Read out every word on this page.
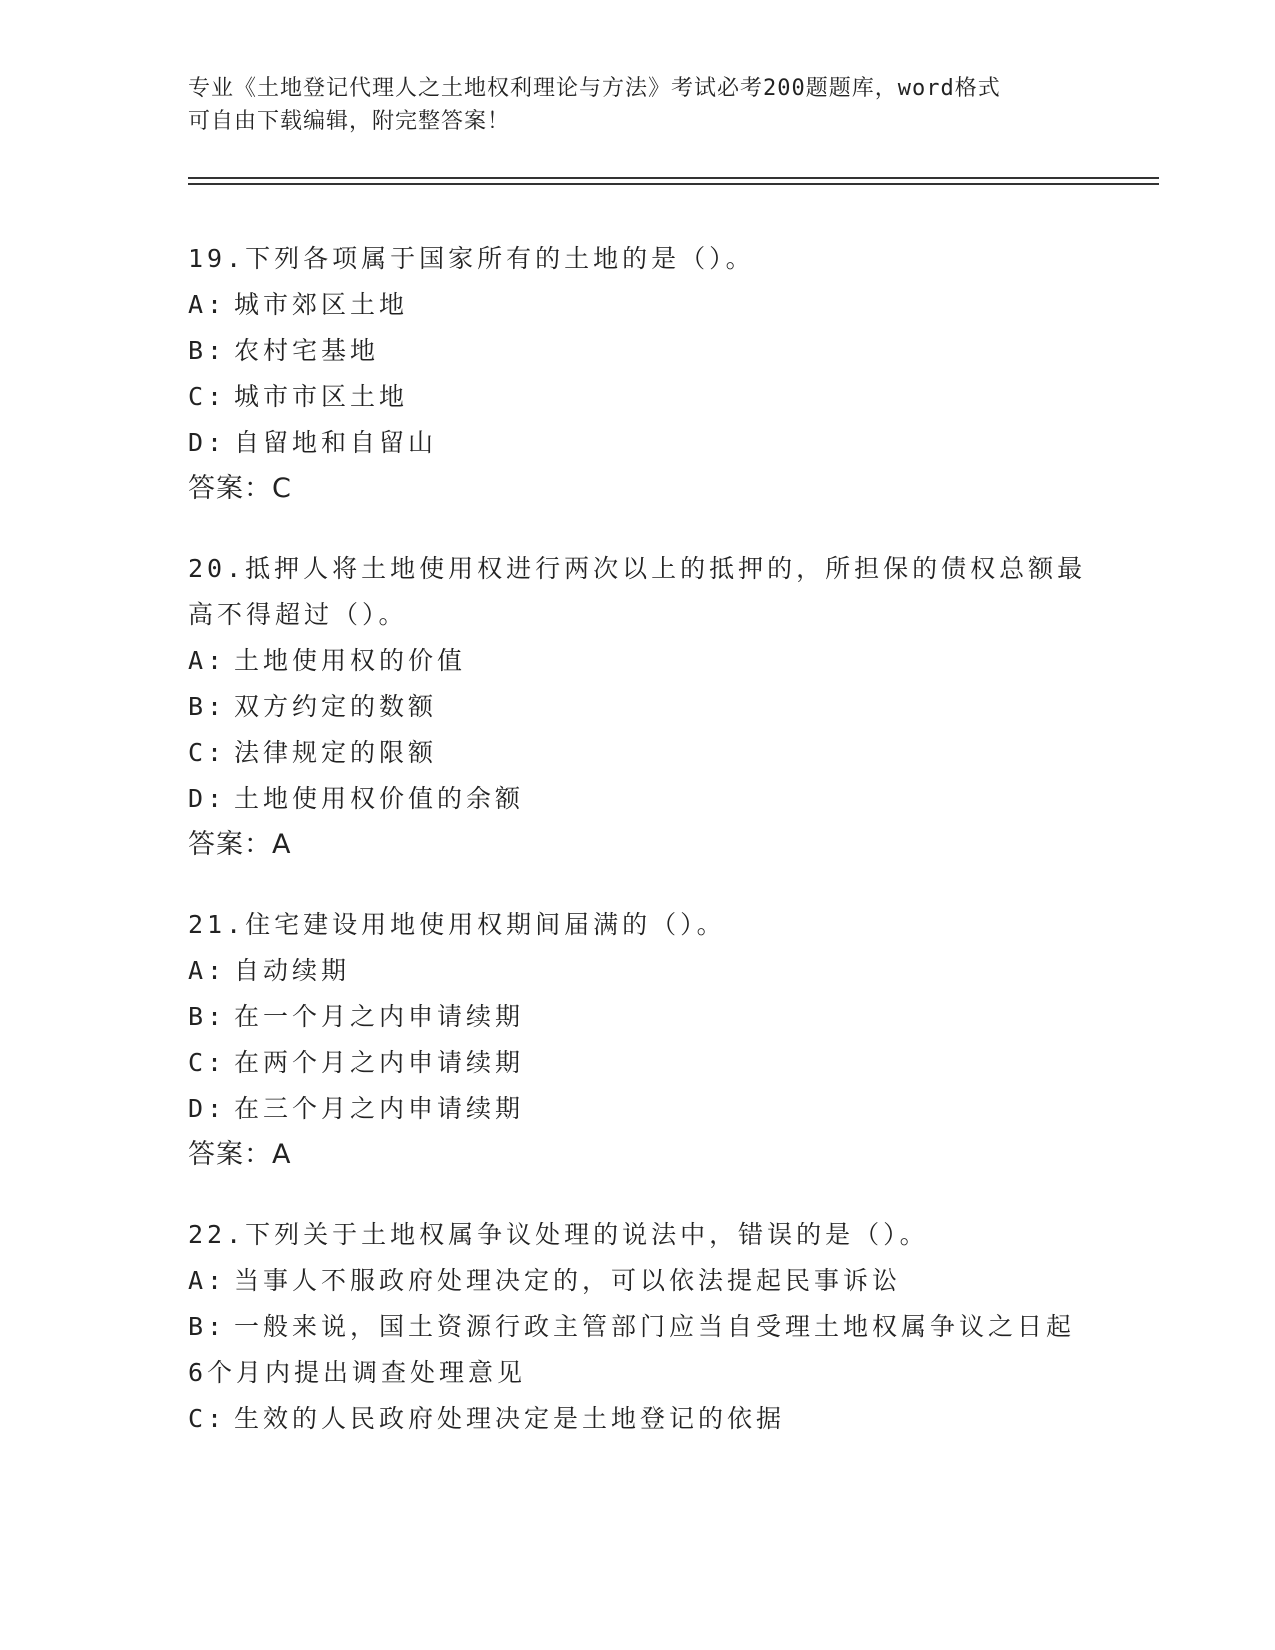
专业《土地登记代理人之土地权利理论与方法》考试必考200题题库，word格式
可自由下载编辑，附完整答案！
19.下列各项属于国家所有的土地的是（）。
A: 城市郊区土地
B: 农村宅基地
C: 城市市区土地
D: 自留地和自留山
答案：C
20.抵押人将土地使用权进行两次以上的抵押的，所担保的债权总额最
高不得超过（）。
A: 土地使用权的价值
B: 双方约定的数额
C: 法律规定的限额
D: 土地使用权价值的余额
答案：A
21.住宅建设用地使用权期间届满的（）。
A: 自动续期
B: 在一个月之内申请续期
C: 在两个月之内申请续期
D: 在三个月之内申请续期
答案：A
22.下列关于土地权属争议处理的说法中，错误的是（）。
A: 当事人不服政府处理决定的，可以依法提起民事诉讼
B: 一般来说，国土资源行政主管部门应当自受理土地权属争议之日起
6个月内提出调查处理意见
C: 生效的人民政府处理决定是土地登记的依据
